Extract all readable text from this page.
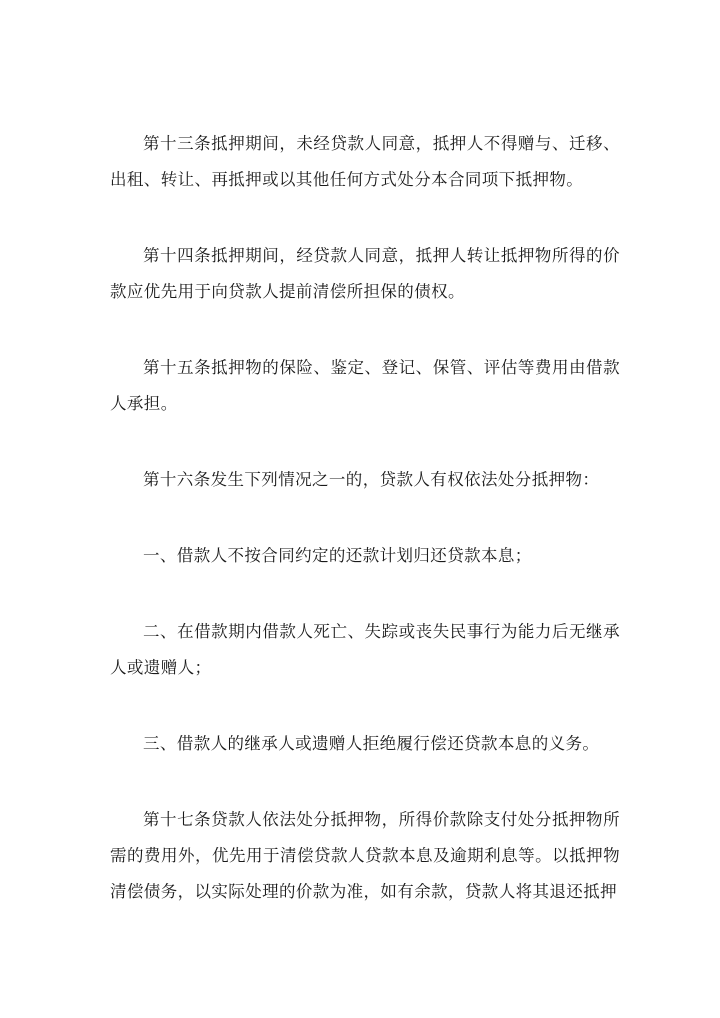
第十三条抵押期间，未经贷款人同意，抵押人不得赠与、迁移、出租、转让、再抵押或以其他任何方式处分本合同项下抵押物。

第十四条抵押期间，经贷款人同意，抵押人转让抵押物所得的价款应优先用于向贷款人提前清偿所担保的债权。

第十五条抵押物的保险、鉴定、登记、保管、评估等费用由借款人承担。

第十六条发生下列情况之一的，贷款人有权依法处分抵押物：

一、借款人不按合同约定的还款计划归还贷款本息；

二、在借款期内借款人死亡、失踪或丧失民事行为能力后无继承人或遗赠人；

三、借款人的继承人或遗赠人拒绝履行偿还贷款本息的义务。

第十七条贷款人依法处分抵押物，所得价款除支付处分抵押物所需的费用外，优先用于清偿贷款人贷款本息及逾期利息等。以抵押物清偿债务，以实际处理的价款为准，如有余款，贷款人将其退还抵押
